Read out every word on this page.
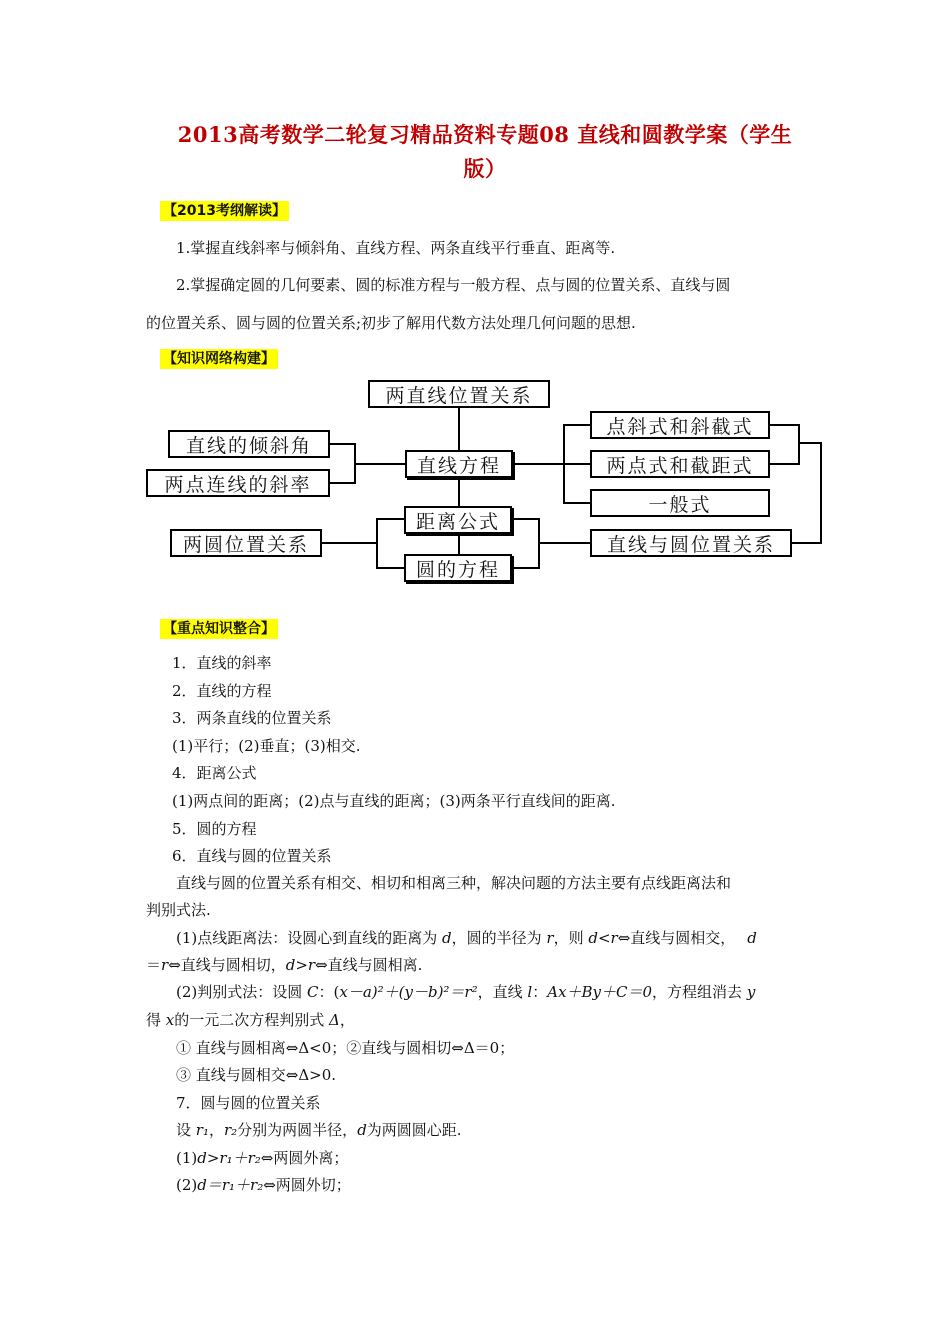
2013高考数学二轮复习精品资料专题08 直线和圆教学案（学生
版）
【2013考纲解读】
1.掌握直线斜率与倾斜角、直线方程、两条直线平行垂直、距离等.
2.掌握确定圆的几何要素、圆的标准方程与一般方程、点与圆的位置关系、直线与圆
的位置关系、圆与圆的位置关系;初步了解用代数方法处理几何问题的思想.
【知识网络构建】
两直线位置关系
直线的倾斜角
两点连线的斜率
直线方程
点斜式和斜截式
两点式和截距式
一般式
距离公式
圆的方程
两圆位置关系	直线与圆位置关系
【重点知识整合】
1．直线的斜率
2．直线的方程
3．两条直线的位置关系
(1)平行；(2)垂直；(3)相交.
4．距离公式
(1)两点间的距离；(2)点与直线的距离；(3)两条平行直线间的距离.
5．圆的方程
6．直线与圆的位置关系
直线与圆的位置关系有相交、相切和相离三种，解决问题的方法主要有点线距离法和
判别式法.
(1)点线距离法：设圆心到直线的距离为 d，圆的半径为 r，则 d<r⇔直线与圆相交， d
＝r⇔直线与圆相切，d>r⇔直线与圆相离.
(2)判别式法：设圆 C：(x－a)²＋(y－b)²＝r²，直线 l：Ax＋By＋C＝0，方程组消去 y
得 x的一元二次方程判别式 Δ，
① 直线与圆相离⇔Δ<0；②直线与圆相切⇔Δ＝0；
③ 直线与圆相交⇔Δ>0.
7．圆与圆的位置关系
设 r₁，r₂分别为两圆半径，d为两圆圆心距.
(1)d>r₁＋r₂⇔两圆外离；
(2)d＝r₁＋r₂⇔两圆外切；
